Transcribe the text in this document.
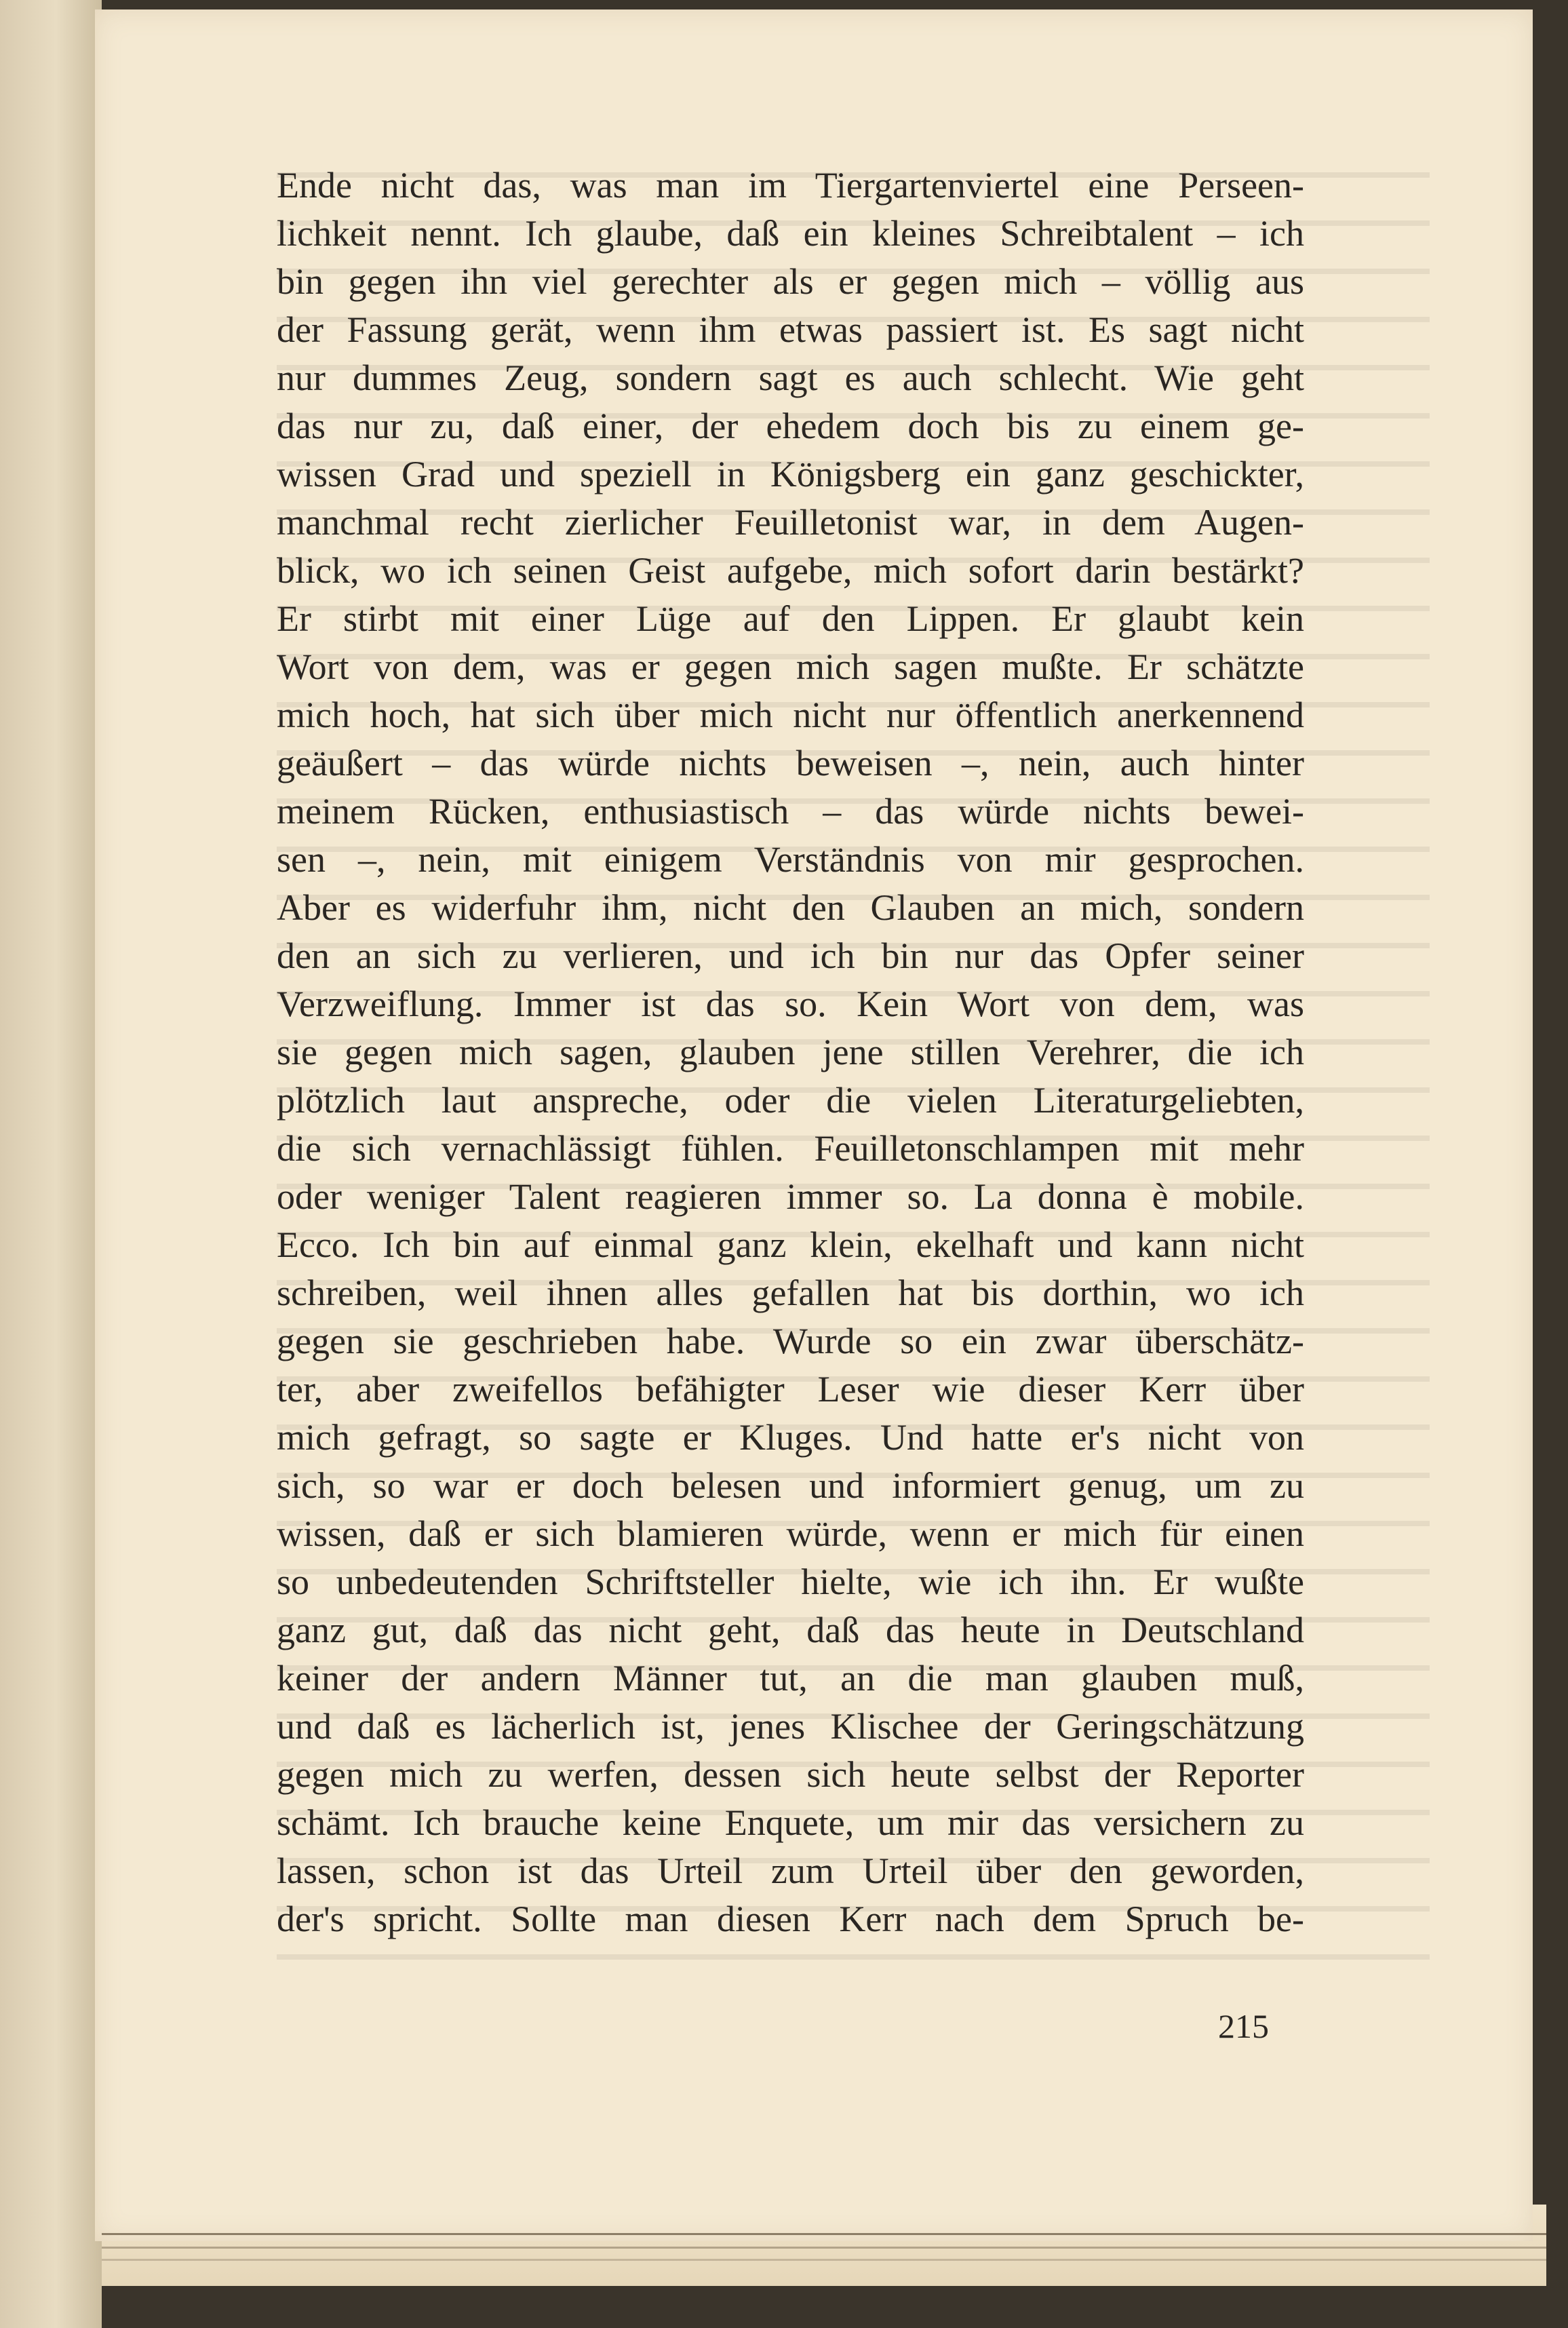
Ende nicht das, was man im Tiergartenviertel eine Perseen-
lichkeit nennt. Ich glaube, daß ein kleines Schreibtalent – ich
bin gegen ihn viel gerechter als er gegen mich – völlig aus
der Fassung gerät, wenn ihm etwas passiert ist. Es sagt nicht
nur dummes Zeug, sondern sagt es auch schlecht. Wie geht
das nur zu, daß einer, der ehedem doch bis zu einem ge-
wissen Grad und speziell in Königsberg ein ganz geschickter,
manchmal recht zierlicher Feuilletonist war, in dem Augen-
blick, wo ich seinen Geist aufgebe, mich sofort darin bestärkt?
Er stirbt mit einer Lüge auf den Lippen. Er glaubt kein
Wort von dem, was er gegen mich sagen mußte. Er schätzte
mich hoch, hat sich über mich nicht nur öffentlich anerkennend
geäußert – das würde nichts beweisen –, nein, auch hinter
meinem Rücken, enthusiastisch – das würde nichts bewei-
sen –, nein, mit einigem Verständnis von mir gesprochen.
Aber es widerfuhr ihm, nicht den Glauben an mich, sondern
den an sich zu verlieren, und ich bin nur das Opfer seiner
Verzweiflung. Immer ist das so. Kein Wort von dem, was
sie gegen mich sagen, glauben jene stillen Verehrer, die ich
plötzlich laut anspreche, oder die vielen Literaturgeliebten,
die sich vernachlässigt fühlen. Feuilletonschlampen mit mehr
oder weniger Talent reagieren immer so. La donna è mobile.
Ecco. Ich bin auf einmal ganz klein, ekelhaft und kann nicht
schreiben, weil ihnen alles gefallen hat bis dorthin, wo ich
gegen sie geschrieben habe. Wurde so ein zwar überschätz-
ter, aber zweifellos befähigter Leser wie dieser Kerr über
mich gefragt, so sagte er Kluges. Und hatte er's nicht von
sich, so war er doch belesen und informiert genug, um zu
wissen, daß er sich blamieren würde, wenn er mich für einen
so unbedeutenden Schriftsteller hielte, wie ich ihn. Er wußte
ganz gut, daß das nicht geht, daß das heute in Deutschland
keiner der andern Männer tut, an die man glauben muß,
und daß es lächerlich ist, jenes Klischee der Geringschätzung
gegen mich zu werfen, dessen sich heute selbst der Reporter
schämt. Ich brauche keine Enquete, um mir das versichern zu
lassen, schon ist das Urteil zum Urteil über den geworden,
der's spricht. Sollte man diesen Kerr nach dem Spruch be-
215
